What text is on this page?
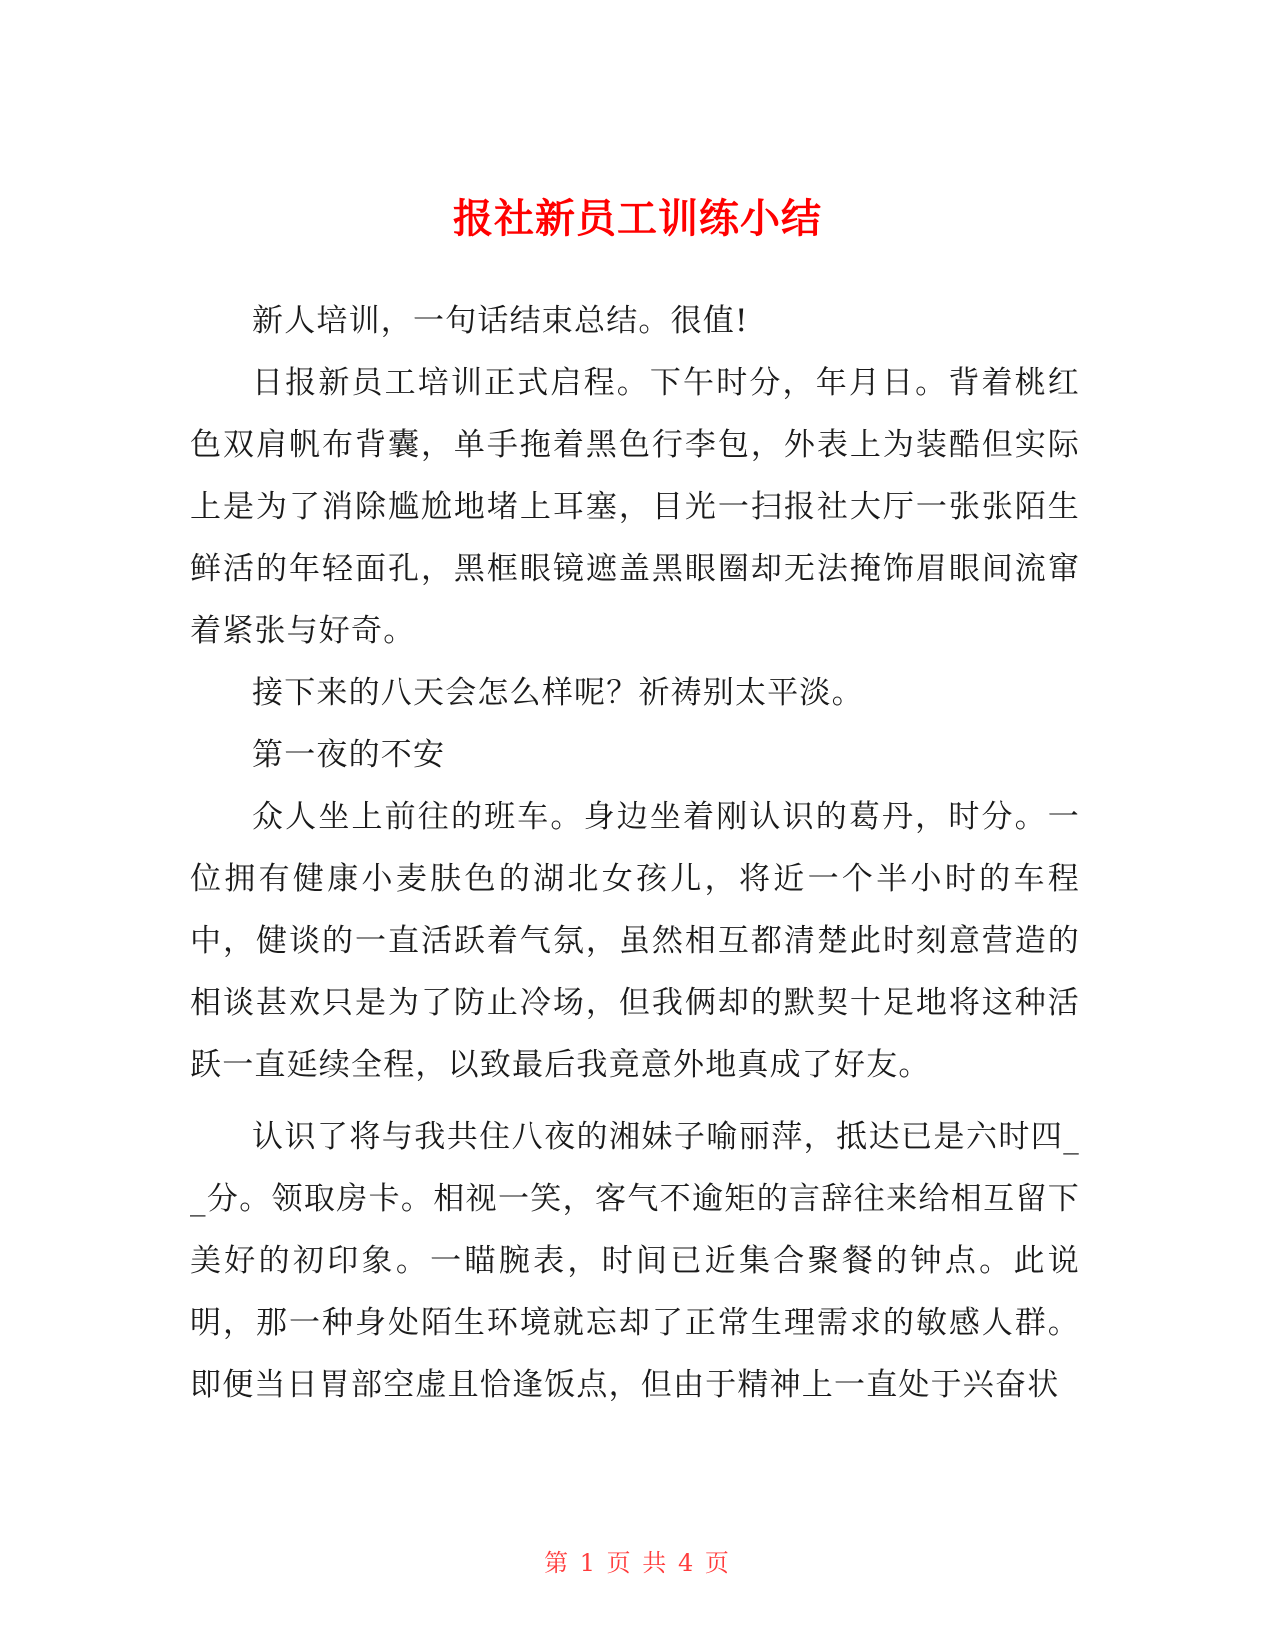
报社新员工训练小结

新人培训，一句话结束总结。很值!

日报新员工培训正式启程。下午时分，年月日。背着桃红色双肩帆布背囊，单手拖着黑色行李包，外表上为装酷但实际上是为了消除尴尬地堵上耳塞，目光一扫报社大厅一张张陌生鲜活的年轻面孔，黑框眼镜遮盖黑眼圈却无法掩饰眉眼间流窜着紧张与好奇。

接下来的八天会怎么样呢？祈祷别太平淡。

第一夜的不安

众人坐上前往的班车。身边坐着刚认识的葛丹，时分。一位拥有健康小麦肤色的湖北女孩儿，将近一个半小时的车程中，健谈的一直活跃着气氛，虽然相互都清楚此时刻意营造的相谈甚欢只是为了防止冷场，但我俩却的默契十足地将这种活跃一直延续全程，以致最后我竟意外地真成了好友。

认识了将与我共住八夜的湘妹子喻丽萍，抵达已是六时四__分。领取房卡。相视一笑，客气不逾矩的言辞往来给相互留下美好的初印象。一瞄腕表，时间已近集合聚餐的钟点。此说明，那一种身处陌生环境就忘却了正常生理需求的敏感人群。即便当日胃部空虚且恰逢饭点，但由于精神上一直处于兴奋状

第 1 页 共 4 页
